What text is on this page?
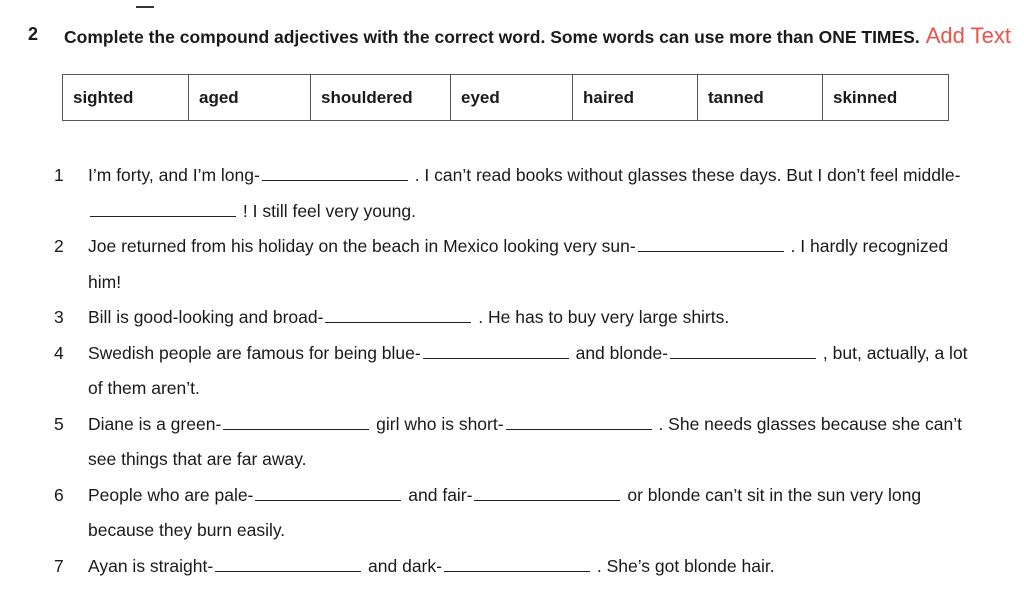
2 Complete the compound adjectives with the correct word. Some words can use more than ONE TIMES. Add Text
sighted	aged	shouldered	eyed	haired	tanned	skinned
1 I’m forty, and I’m long-	. I can’t read books without glasses these days. But I don’t feel middle- ! I still feel very young.
2 Joe returned from his holiday on the beach in Mexico looking very sun-	. I hardly recognized him!
3 Bill is good-looking and broad-	. He has to buy very large shirts.
4 Swedish people are famous for being blue-	and blonde-	, but, actually, a lot of them aren’t.
5 Diane is a green-	girl who is short-	. She needs glasses because she can’t see things that are far away.
6 People who are pale-	and fair-	or blonde can’t sit in the sun very long because they burn easily.
7 Ayan is straight-	and dark-	. She’s got blonde hair.
